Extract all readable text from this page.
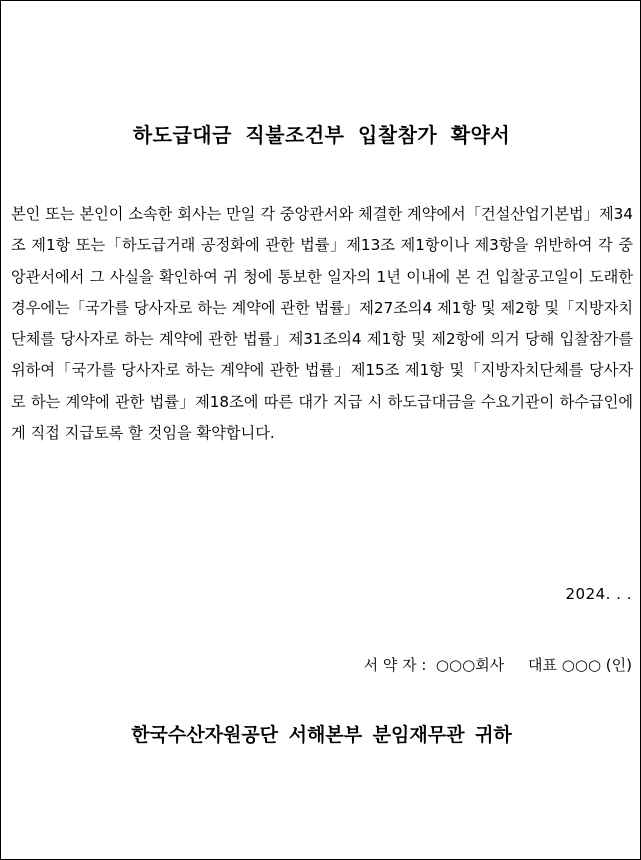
하도급대금 직불조건부 입찰참가 확약서
본인 또는 본인이 소속한 회사는 만일 각 중앙관서와 체결한 계약에서「건설산업기본법」제34조 제1항 또는「하도급거래 공정화에 관한 법률」제13조 제1항이나 제3항을 위반하여 각 중앙관서에서 그 사실을 확인하여 귀 청에 통보한 일자의 1년 이내에 본 건 입찰공고일이 도래한 경우에는「국가를 당사자로 하는 계약에 관한 법률」제27조의4 제1항 및 제2항 및「지방자치단체를 당사자로 하는 계약에 관한 법률」제31조의4 제1항 및 제2항에 의거 당해 입찰참가를 위하여「국가를 당사자로 하는 계약에 관한 법률」제15조 제1항 및「지방자치단체를 당사자로 하는 계약에 관한 법률」제18조에 따른 대가 지급 시 하도급대금을 수요기관이 하수급인에게 직접 지급토록 할 것임을 확약합니다.
2024. . .
서 약 자 :  ○○○회사     대표 ○○○ (인)
한국수산자원공단 서해본부 분임재무관 귀하
